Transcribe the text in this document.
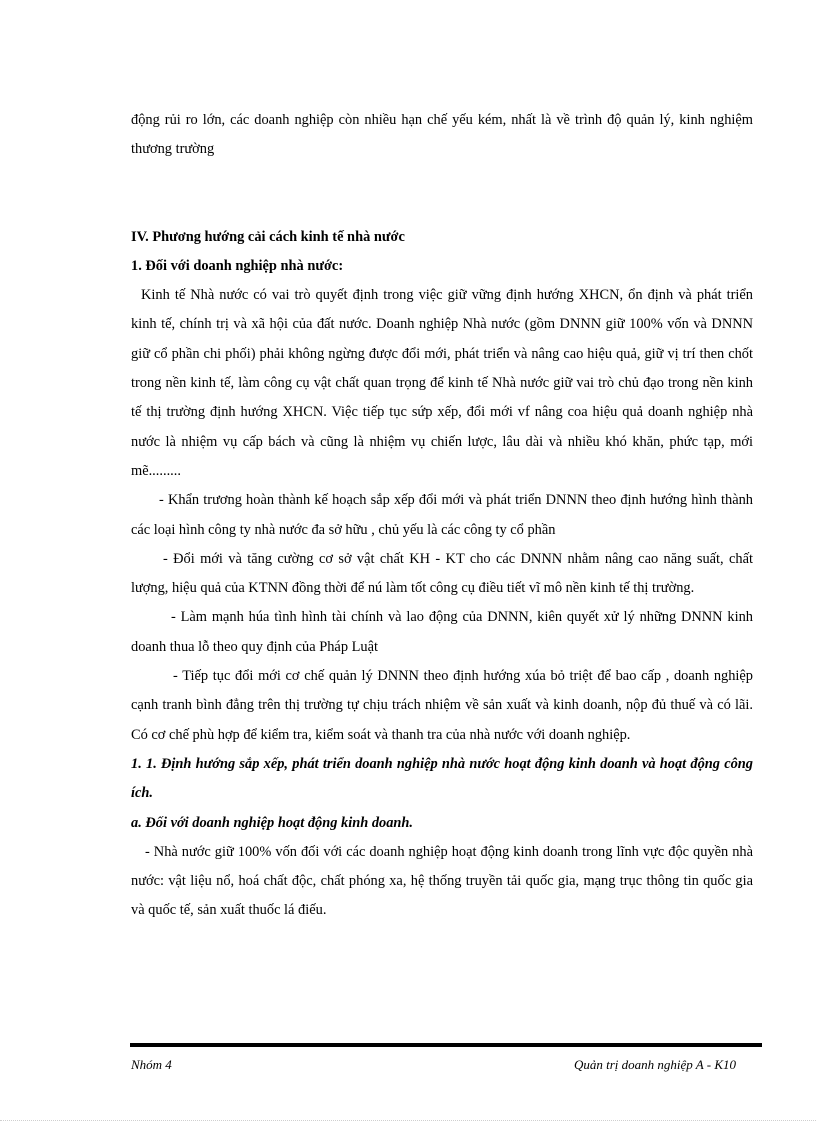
động rủi ro lớn, các doanh nghiệp còn nhiều hạn chế yếu kém, nhất là về trình độ quản lý, kinh nghiệm thương trường

IV. Phương hướng cải cách kinh tế nhà nước

1. Đối với doanh nghiệp nhà nước:

Kinh tế Nhà nước có vai trò quyết định trong việc giữ vững định hướng XHCN, ổn định và phát triển kinh tế, chính trị và xã hội của đất nước. Doanh nghiệp Nhà nước (gồm DNNN giữ 100% vốn và DNNN giữ cổ phần chi phối) phải không ngừng được đổi mới, phát triển và nâng cao hiệu quả, giữ vị trí then chốt trong nền kinh tế, làm công cụ vật chất quan trọng để kinh tế Nhà nước giữ vai trò chủ đạo trong nền kinh tế thị trường định hướng XHCN. Việc tiếp tục sứp xếp, đổi mới vf nâng coa hiệu quả doanh nghiệp nhà nước là nhiệm vụ cấp bách và cũng là nhiệm vụ chiến lược, lâu dài và nhiều khó khăn, phức tạp, mới mẽ.........

- Khẩn trương hoàn thành kế hoạch sắp xếp đổi mới và phát triển DNNN theo định hướng hình thành các loại hình công ty nhà nước đa sở hữu , chủ yếu là các công ty cổ phần

- Đổi mới và tăng cường cơ sở vật chất KH - KT cho các DNNN nhằm nâng cao năng suất, chất lượng, hiệu quả của KTNN đồng thời để nú làm tốt công cụ điều tiết vĩ mô nền kinh tế thị trường.

- Làm mạnh húa tình hình tài chính và lao động của DNNN, kiên quyết xử lý những DNNN kinh doanh thua lỗ theo quy định của Pháp Luật

- Tiếp tục đổi mới cơ chế quản lý DNNN theo định hướng xúa bỏ triệt để bao cấp , doanh nghiệp cạnh tranh bình đẳng trên thị trường tự chịu trách nhiệm về sản xuất và kinh doanh, nộp đủ thuế và có lãi. Có cơ chế phù hợp để kiểm tra, kiểm soát và thanh tra của nhà nước với doanh nghiệp.

1. 1. Định hướng sắp xếp, phát triển doanh nghiệp nhà nước hoạt động kinh doanh và hoạt động công ích.

a. Đối với doanh nghiệp hoạt động kinh doanh.

- Nhà nước giữ 100% vốn đối với các doanh nghiệp hoạt động kinh doanh trong lĩnh vực độc quyền nhà nước: vật liệu nổ, hoá chất độc, chất phóng xa, hệ thống truyền tải quốc gia, mạng trục thông tin quốc gia và quốc tế, sản xuất thuốc lá điếu.

Nhóm 4	Quản trị doanh nghiệp A - K10
